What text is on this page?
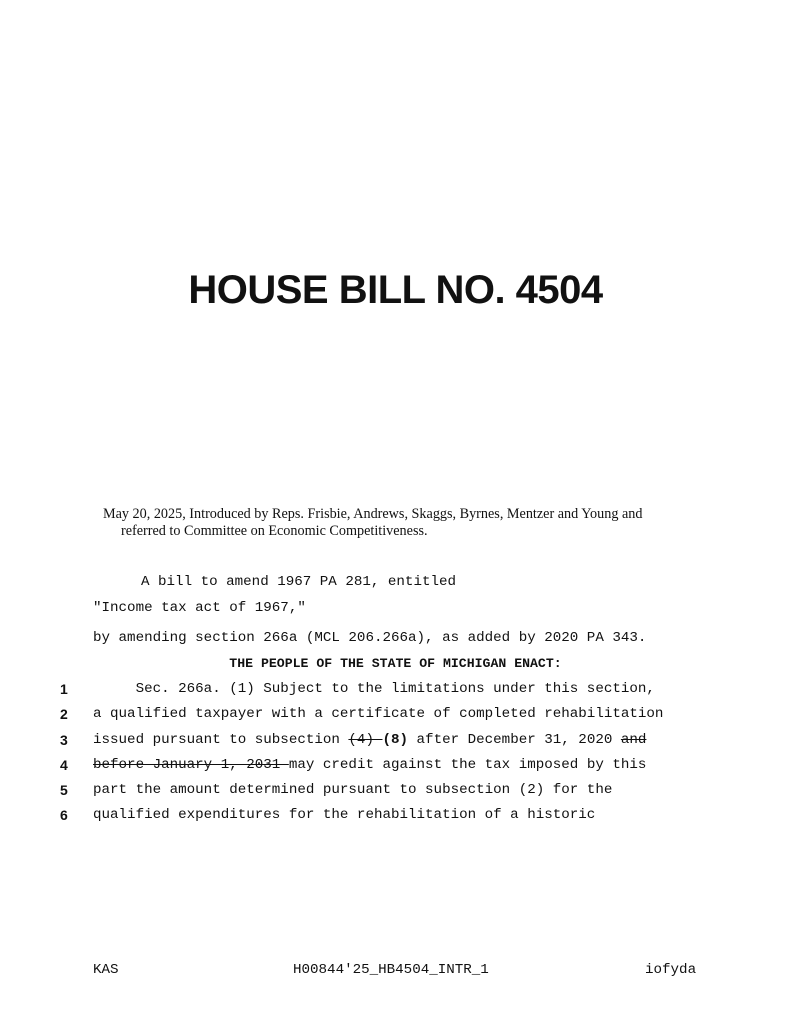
HOUSE BILL NO. 4504
May 20, 2025, Introduced by Reps. Frisbie, Andrews, Skaggs, Byrnes, Mentzer and Young and
referred to Committee on Economic Competitiveness.
A bill to amend 1967 PA 281, entitled
"Income tax act of 1967,"
by amending section 266a (MCL 206.266a), as added by 2020 PA 343.
THE PEOPLE OF THE STATE OF MICHIGAN ENACT:
1 Sec. 266a. (1) Subject to the limitations under this section,
2 a qualified taxpayer with a certificate of completed rehabilitation
3 issued pursuant to subsection (4) (8) after December 31, 2020 and
4 before January 1, 2031 may credit against the tax imposed by this
5 part the amount determined pursuant to subsection (2) for the
6 qualified expenditures for the rehabilitation of a historic
KAS	H00844'25_HB4504_INTR_1	iofyda
